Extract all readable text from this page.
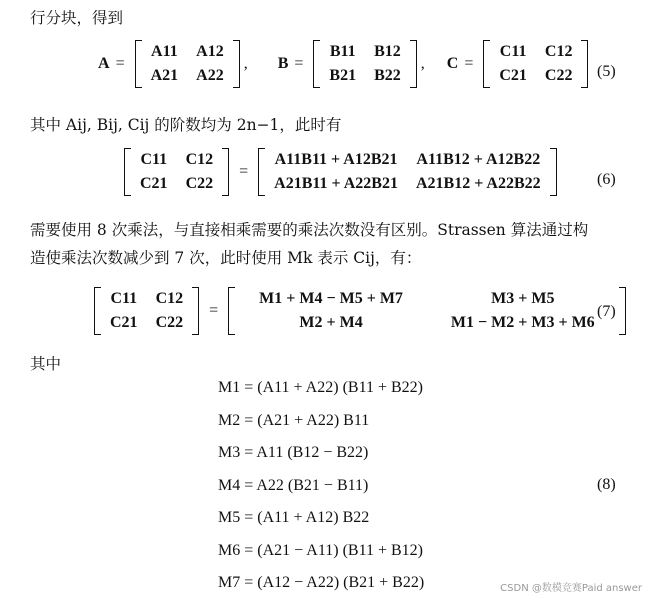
行分块，得到
A =
A11	A12
A21	A22
, B =
B11	B12
B21	B22
, C =
C11	C12
C21	C22 (5)
其中 Aij, Bij, Cij 的阶数均为 2n−1，此时有
C11	C12
C21	C22
=
A11B11 + A12B21	A11B12 + A12B22
A21B11 + A22B21	A21B12 + A22B22	(6)
需要使用 8 次乘法，与直接相乘需要的乘法次数没有区别。Strassen 算法通过构
造使乘法次数减少到 7 次，此时使用 Mk 表示 Cij，有：
C11	C12
C21	C22
=
M1 + M4 − M5 + M7	M3 + M5
M2 + M4	M1 − M2 + M3 + M6
(7)
其中
M1 = (A11 + A22) (B11 + B22)
M2 = (A21 + A22) B11
M3 = A11 (B12 − B22)
M4 = A22 (B21 − B11)
M5 = (A11 + A12) B22
M6 = (A21 − A11) (B11 + B12)
M7 = (A12 − A22) (B21 + B22)
(8)
CSDN @数模竞赛Paid answer
